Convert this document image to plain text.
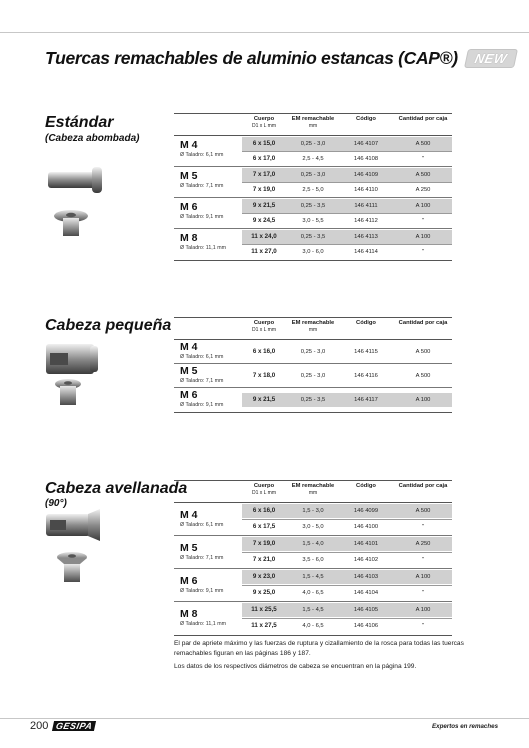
Tuercas remachables de aluminio estancas (CAP®)	NEW
Estándar
(Cabeza abombada)
Cuerpo
D1 x L mm
EM remachable
mm
Código	Cantidad por caja
M 4
Ø Taladro: 6,1 mm
6 x 15,0	0,25 - 3,0	146 4107	A 500
6 x 17,0	2,5 - 4,5	146 4108	"
M 5
Ø Taladro: 7,1 mm
7 x 17,0	0,25 - 3,0	146 4109	A 500
7 x 19,0	2,5 - 5,0	146 4110	A 250
M 6
Ø Taladro: 9,1 mm
9 x 21,5	0,25 - 3,5	146 4111	A 100
9 x 24,5	3,0 - 5,5	146 4112	"
M 8
Ø Taladro: 11,1 mm
11 x 24,0	0,25 - 3,5	146 4113	A 100
11 x 27,0	3,0 - 6,0	146 4114	"
Cabeza pequeña	Cuerpo
D1 x L mm
EM remachable
mm
Código	Cantidad por caja
M 4
Ø Taladro: 6,1 mm
6 x 16,0	0,25 - 3,0	146 4115	A 500
M 5
Ø Taladro: 7,1 mm
7 x 18,0	0,25 - 3,0	146 4116	A 500
M 6
Ø Taladro: 9,1 mm
9 x 21,5	0,25 - 3,5	146 4117	A 100
Cabeza avellanada
(90°)
Cuerpo
D1 x L mm
EM remachable
mm
Código	Cantidad por caja
M 4
Ø Taladro: 6,1 mm
6 x 16,0	1,5 - 3,0	146 4099	A 500
6 x 17,5	3,0 - 5,0	146 4100	"
M 5
Ø Taladro: 7,1 mm
7 x 19,0	1,5 - 4,0	146 4101	A 250
7 x 21,0	3,5 - 6,0	146 4102	"
M 6
Ø Taladro: 9,1 mm
9 x 23,0	1,5 - 4,5	146 4103	A 100
9 x 25,0	4,0 - 6,5	146 4104	"
M 8
Ø Taladro: 11,1 mm
11 x 25,5	1,5 - 4,5	146 4105	A 100
11 x 27,5	4,0 - 6,5	146 4106	"
El par de apriete máximo y las fuerzas de ruptura y cizallamiento de la rosca para todas las tuercas remachables figuran en las páginas 186 y 187.
Los datos de los respectivos diámetros de cabeza se encuentran en la página 199.
200 GESIPA	Expertos en remaches
